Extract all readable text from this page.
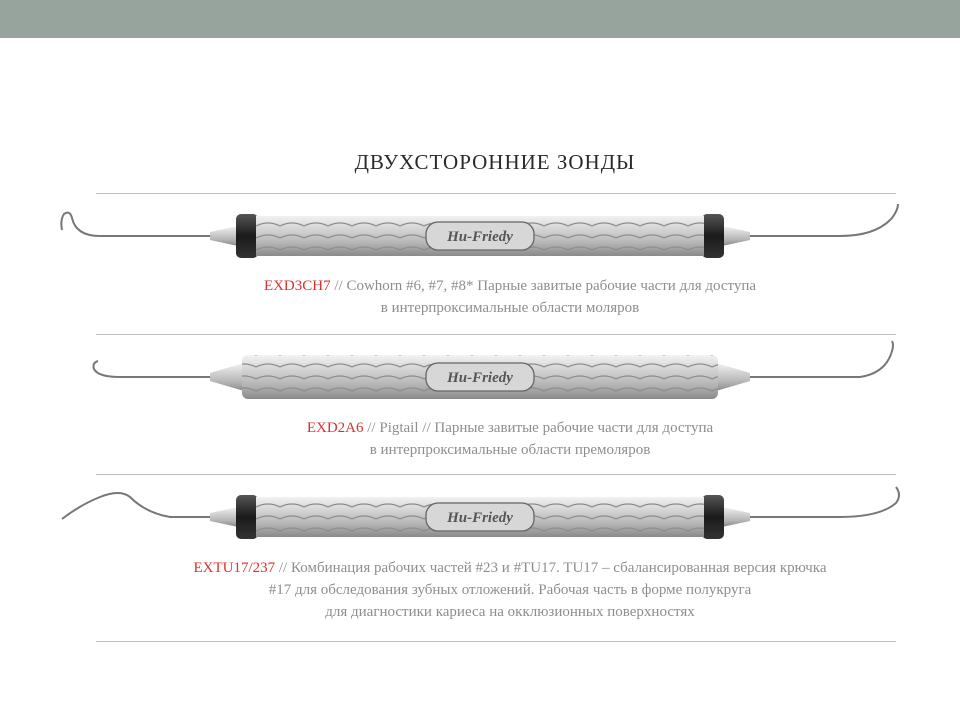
ДВУХСТОРОННИЕ ЗОНДЫ
Hu-Friedy
EXD3CH7 // Cowhorn #6, #7, #8* Парные завитые рабочие части для доступа
в интерпроксимальные области моляров
Hu-Friedy
EXD2A6 // Pigtail // Парные завитые рабочие части для доступа
в интерпроксимальные области премоляров
Hu-Friedy
EXTU17/237 // Комбинация рабочих частей #23 и #TU17. TU17 – сбалансированная версия крючка
#17 для обследования зубных отложений. Рабочая часть в форме полукруга
для диагностики кариеса на окклюзионных поверхностях
